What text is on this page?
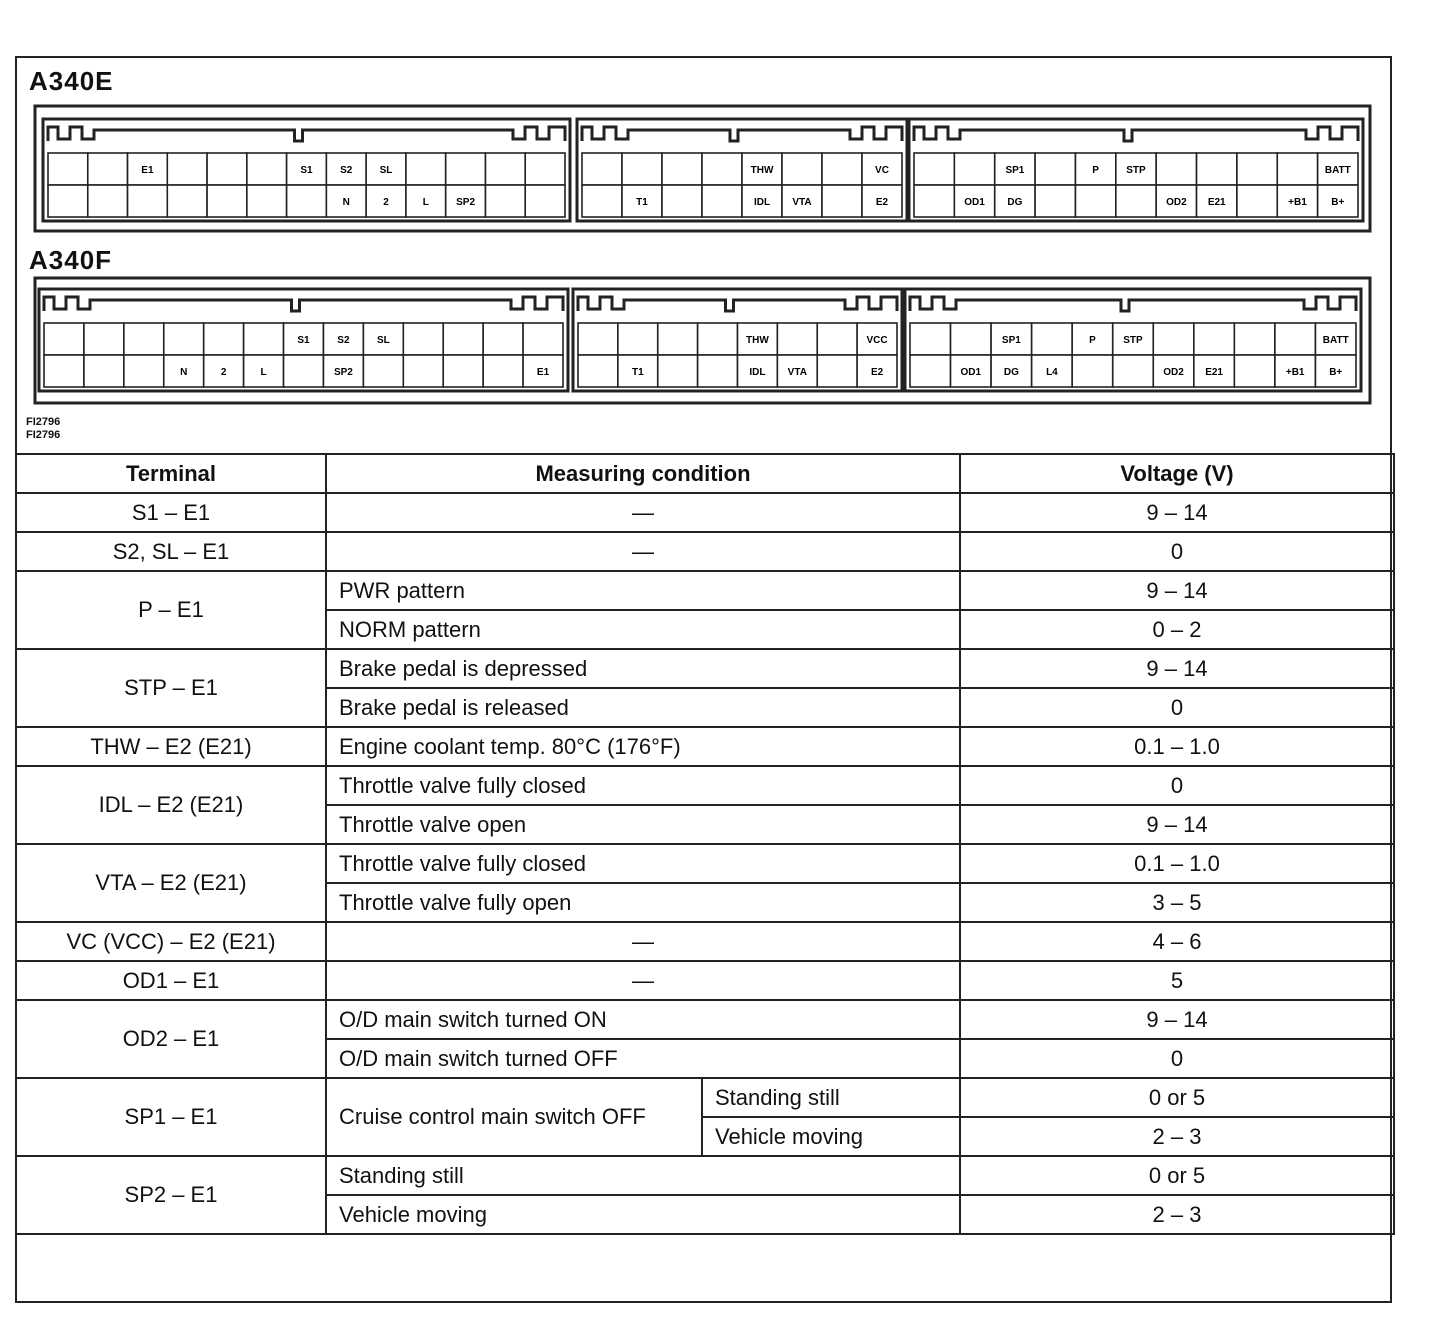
A340E
A340F
E1	S1	S2	SL
N	2	L	SP2
THW	VC
T1	IDL VTA	E2
SP1	P	STP	BATT
OD1 DG	OD2 E21	+B1 B+
S1	S2	SL
N	2	L	SP2	E1
THW	VCC
T1	IDL VTA	E2
SP1	P	STP	BATT
OD1 DG	L4	OD2 E21	+B1 B+
FI2796
FI2796
Terminal	Measuring condition		Voltage (V)
S1 – E1	—		9 – 14
S2, SL – E1	—		0
P – E1	PWR pattern		9 – 14
	NORM pattern		0 – 2
STP – E1	Brake pedal is depressed		9 – 14
	Brake pedal is released		0
THW – E2 (E21)	Engine coolant temp. 80°C (176°F)		0.1 – 1.0
IDL – E2 (E21)	Throttle valve fully closed		0
	Throttle valve open		9 – 14
VTA – E2 (E21)	Throttle valve fully closed		0.1 – 1.0
	Throttle valve fully open		3 – 5
VC (VCC) – E2 (E21)	—		4 – 6
OD1 – E1	—		5
OD2 – E1	O/D main switch turned ON		9 – 14
	O/D main switch turned OFF		0
SP1 – E1	Cruise control main switch OFF	Standing still	0 or 5
		Vehicle moving	2 – 3
SP2 – E1	Standing still		0 or 5
	Vehicle moving		2 – 3
